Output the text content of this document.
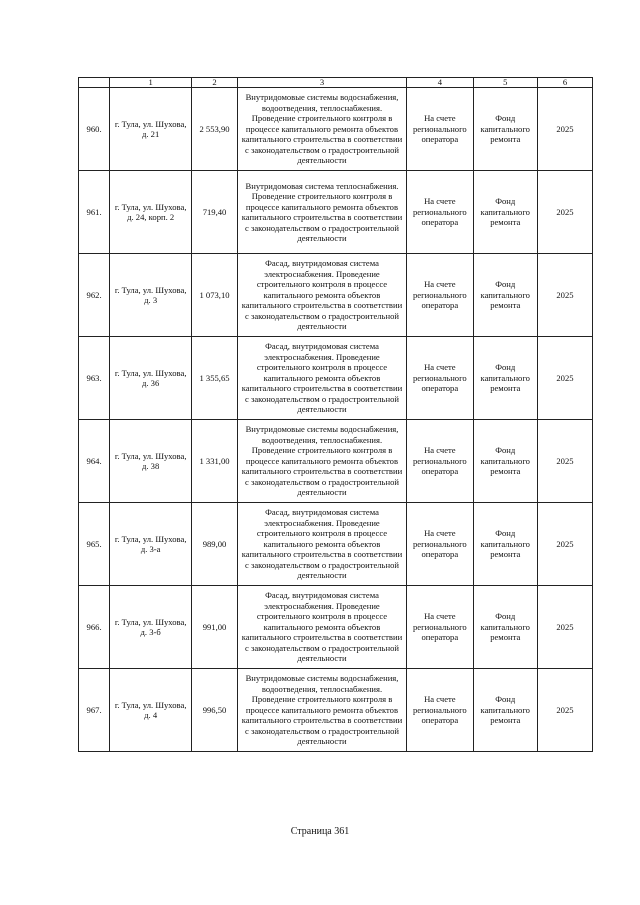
	1	2	3	4	5	6
960.	г. Тула, ул. Шухова, д. 21	2 553,90	Внутридомовые системы водоснабжения, водоотведения, теплоснабжения. Проведение строительного контроля в процессе капитального ремонта объектов капитального строительства в соответствии с законодательством о градостроительной деятельности	На счете регионального оператора	Фонд капитального ремонта	2025
961.	г. Тула, ул. Шухова, д. 24, корп. 2	719,40	Внутридомовая система теплоснабжения. Проведение строительного контроля в процессе капитального ремонта объектов капитального строительства в соответствии с законодательством о градостроительной деятельности	На счете регионального оператора	Фонд капитального ремонта	2025
962.	г. Тула, ул. Шухова, д. 3	1 073,10	Фасад, внутридомовая система электроснабжения. Проведение строительного контроля в процессе капитального ремонта объектов капитального строительства в соответствии с законодательством о градостроительной деятельности	На счете регионального оператора	Фонд капитального ремонта	2025
963.	г. Тула, ул. Шухова, д. 36	1 355,65	Фасад, внутридомовая система электроснабжения. Проведение строительного контроля в процессе капитального ремонта объектов капитального строительства в соответствии с законодательством о градостроительной деятельности	На счете регионального оператора	Фонд капитального ремонта	2025
964.	г. Тула, ул. Шухова, д. 38	1 331,00	Внутридомовые системы водоснабжения, водоотведения, теплоснабжения. Проведение строительного контроля в процессе капитального ремонта объектов капитального строительства в соответствии с законодательством о градостроительной деятельности	На счете регионального оператора	Фонд капитального ремонта	2025
965.	г. Тула, ул. Шухова, д. 3-а	989,00	Фасад, внутридомовая система электроснабжения. Проведение строительного контроля в процессе капитального ремонта объектов капитального строительства в соответствии с законодательством о градостроительной деятельности	На счете регионального оператора	Фонд капитального ремонта	2025
966.	г. Тула, ул. Шухова, д. 3-б	991,00	Фасад, внутридомовая система электроснабжения. Проведение строительного контроля в процессе капитального ремонта объектов капитального строительства в соответствии с законодательством о градостроительной деятельности	На счете регионального оператора	Фонд капитального ремонта	2025
967.	г. Тула, ул. Шухова, д. 4	996,50	Внутридомовые системы водоснабжения, водоотведения, теплоснабжения. Проведение строительного контроля в процессе капитального ремонта объектов капитального строительства в соответствии с законодательством о градостроительной деятельности	На счете регионального оператора	Фонд капитального ремонта	2025
Страница 361
